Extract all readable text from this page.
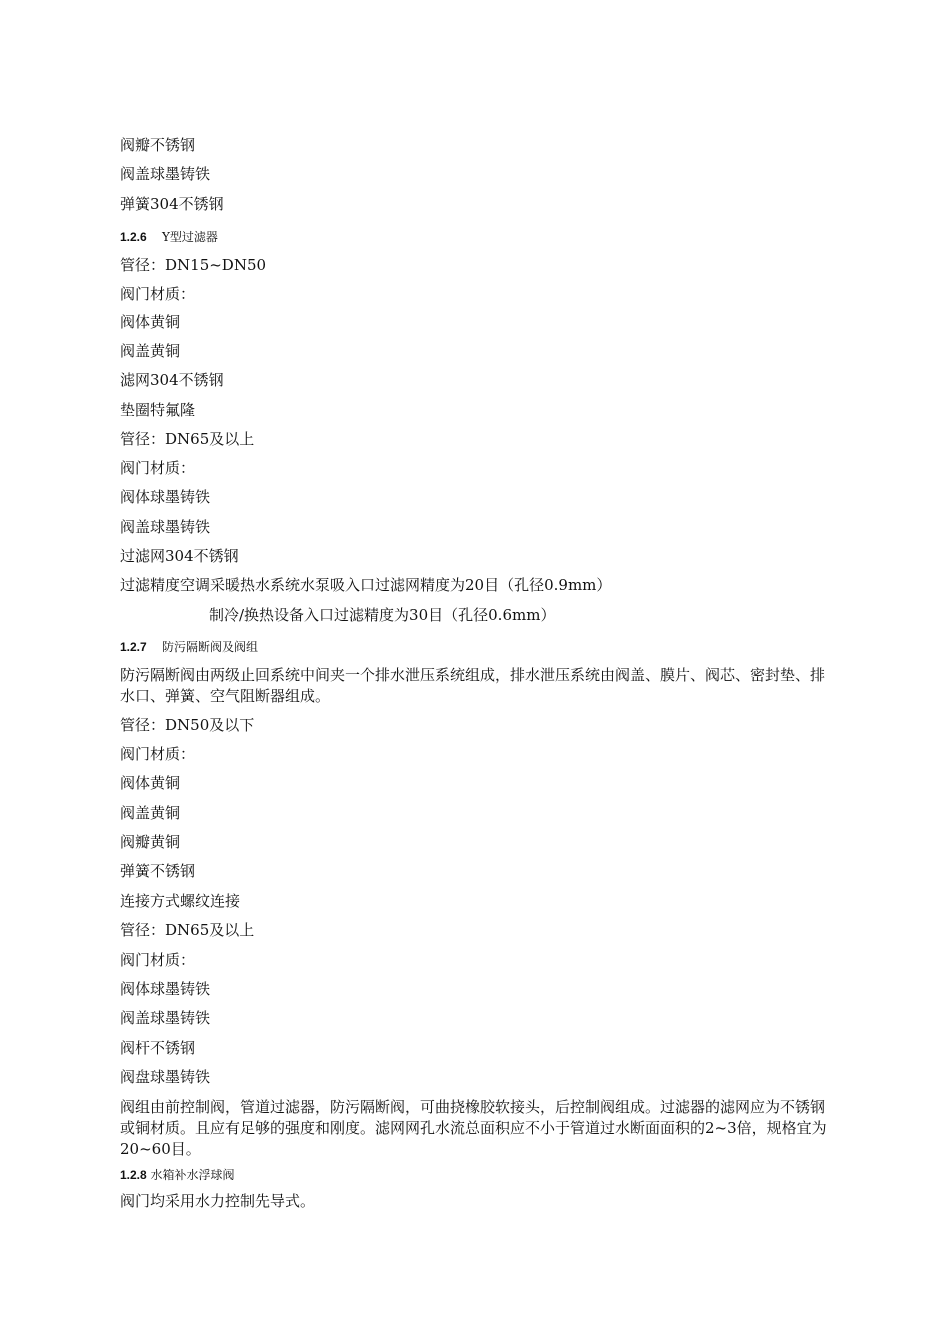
阀瓣不锈钢
阀盖球墨铸铁
弹簧304不锈钢
1.2.6 Y型过滤器
管径：DN15~DN50
阀门材质：
阀体黄铜
阀盖黄铜
滤网304不锈钢
垫圈特氟隆
管径：DN65及以上
阀门材质：
阀体球墨铸铁
阀盖球墨铸铁
过滤网304不锈钢
过滤精度空调采暖热水系统水泵吸入口过滤网精度为20目（孔径0.9mm）
制冷/换热设备入口过滤精度为30目（孔径0.6mm）
1.2.7 防污隔断阀及阀组
防污隔断阀由两级止回系统中间夹一个排水泄压系统组成，排水泄压系统由阀盖、膜片、阀芯、密封垫、排水口、弹簧、空气阻断器组成。
管径：DN50及以下
阀门材质：
阀体黄铜
阀盖黄铜
阀瓣黄铜
弹簧不锈钢
连接方式螺纹连接
管径：DN65及以上
阀门材质：
阀体球墨铸铁
阀盖球墨铸铁
阀杆不锈钢
阀盘球墨铸铁
阀组由前控制阀，管道过滤器，防污隔断阀，可曲挠橡胶软接头，后控制阀组成。过滤器的滤网应为不锈钢或铜材质。且应有足够的强度和刚度。滤网网孔水流总面积应不小于管道过水断面面积的2~3倍，规格宜为20~60目。
1.2.8 水箱补水浮球阀
阀门均采用水力控制先导式。
